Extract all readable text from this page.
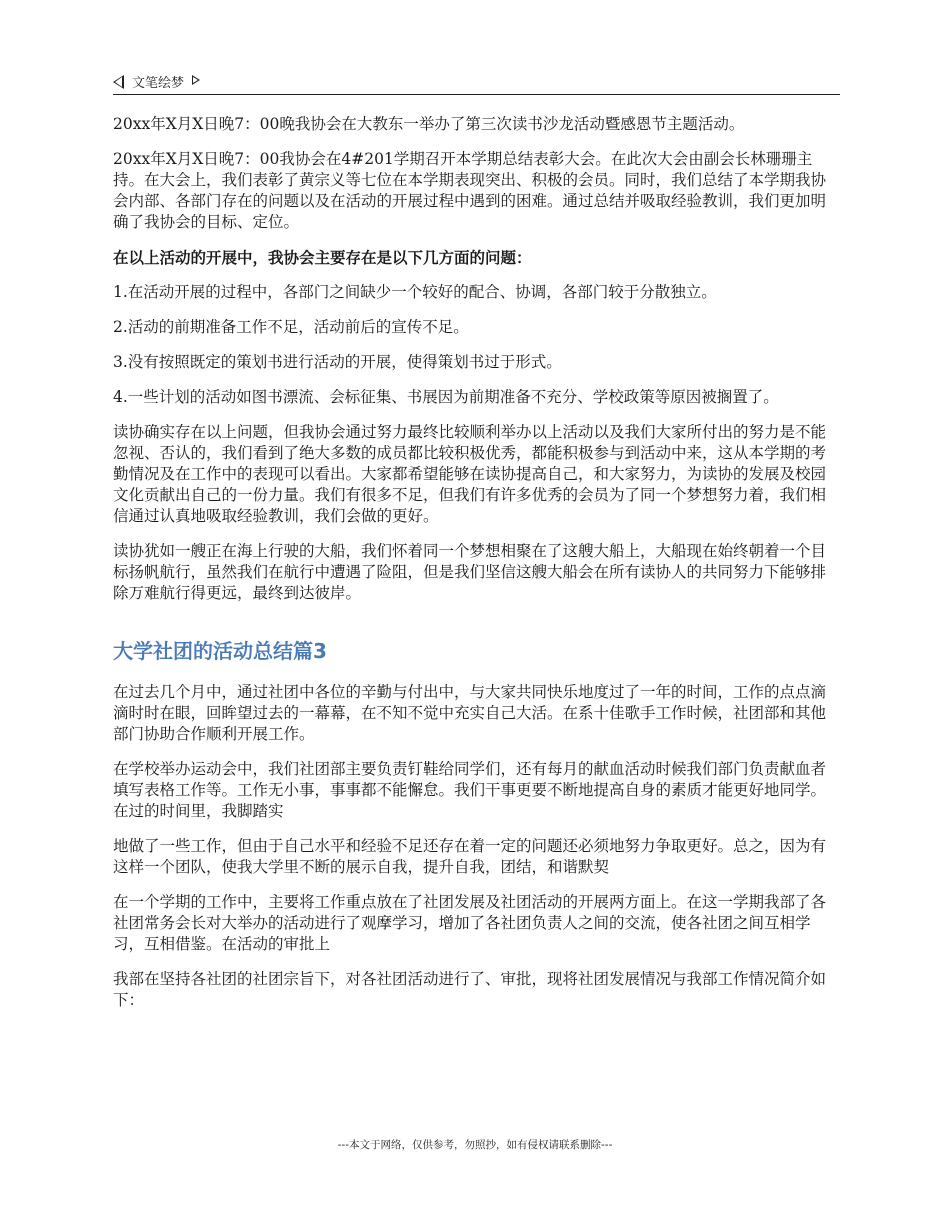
文笔绘梦

20xx年X月X日晚7：00晚我协会在大教东一举办了第三次读书沙龙活动暨感恩节主题活动。

20xx年X月X日晚7：00我协会在4#201学期召开本学期总结表彰大会。在此次大会由副会长林珊珊主持。在大会上，我们表彰了黄宗义等七位在本学期表现突出、积极的会员。同时，我们总结了本学期我协会内部、各部门存在的问题以及在活动的开展过程中遇到的困难。通过总结并吸取经验教训，我们更加明确了我协会的目标、定位。

在以上活动的开展中，我协会主要存在是以下几方面的问题：

1.在活动开展的过程中，各部门之间缺少一个较好的配合、协调，各部门较于分散独立。

2.活动的前期准备工作不足，活动前后的宣传不足。

3.没有按照既定的策划书进行活动的开展，使得策划书过于形式。

4.一些计划的活动如图书漂流、会标征集、书展因为前期准备不充分、学校政策等原因被搁置了。

读协确实存在以上问题，但我协会通过努力最终比较顺利举办以上活动以及我们大家所付出的努力是不能忽视、否认的，我们看到了绝大多数的成员都比较积极优秀，都能积极参与到活动中来，这从本学期的考勤情况及在工作中的表现可以看出。大家都希望能够在读协提高自己，和大家努力，为读协的发展及校园文化贡献出自己的一份力量。我们有很多不足，但我们有许多优秀的会员为了同一个梦想努力着，我们相信通过认真地吸取经验教训，我们会做的更好。

读协犹如一艘正在海上行驶的大船，我们怀着同一个梦想相聚在了这艘大船上，大船现在始终朝着一个目标扬帆航行，虽然我们在航行中遭遇了险阻，但是我们坚信这艘大船会在所有读协人的共同努力下能够排除万难航行得更远，最终到达彼岸。

大学社团的活动总结篇3

在过去几个月中，通过社团中各位的辛勤与付出中，与大家共同快乐地度过了一年的时间，工作的点点滴滴时时在眼，回眸望过去的一幕幕，在不知不觉中充实自己大活。在系十佳歌手工作时候，社团部和其他部门协助合作顺利开展工作。

在学校举办运动会中，我们社团部主要负责钉鞋给同学们，还有每月的献血活动时候我们部门负责献血者填写表格工作等。工作无小事，事事都不能懈怠。我们干事更要不断地提高自身的素质才能更好地同学。在过的时间里，我脚踏实

地做了一些工作，但由于自己水平和经验不足还存在着一定的问题还必须地努力争取更好。总之，因为有这样一个团队，使我大学里不断的展示自我，提升自我，团结，和谐默契

在一个学期的工作中，主要将工作重点放在了社团发展及社团活动的开展两方面上。在这一学期我部了各社团常务会长对大举办的活动进行了观摩学习，增加了各社团负责人之间的交流，使各社团之间互相学习，互相借鉴。在活动的审批上

我部在坚持各社团的社团宗旨下，对各社团活动进行了、审批，现将社团发展情况与我部工作情况简介如下：

---本文于网络，仅供参考，勿照抄，如有侵权请联系删除---
